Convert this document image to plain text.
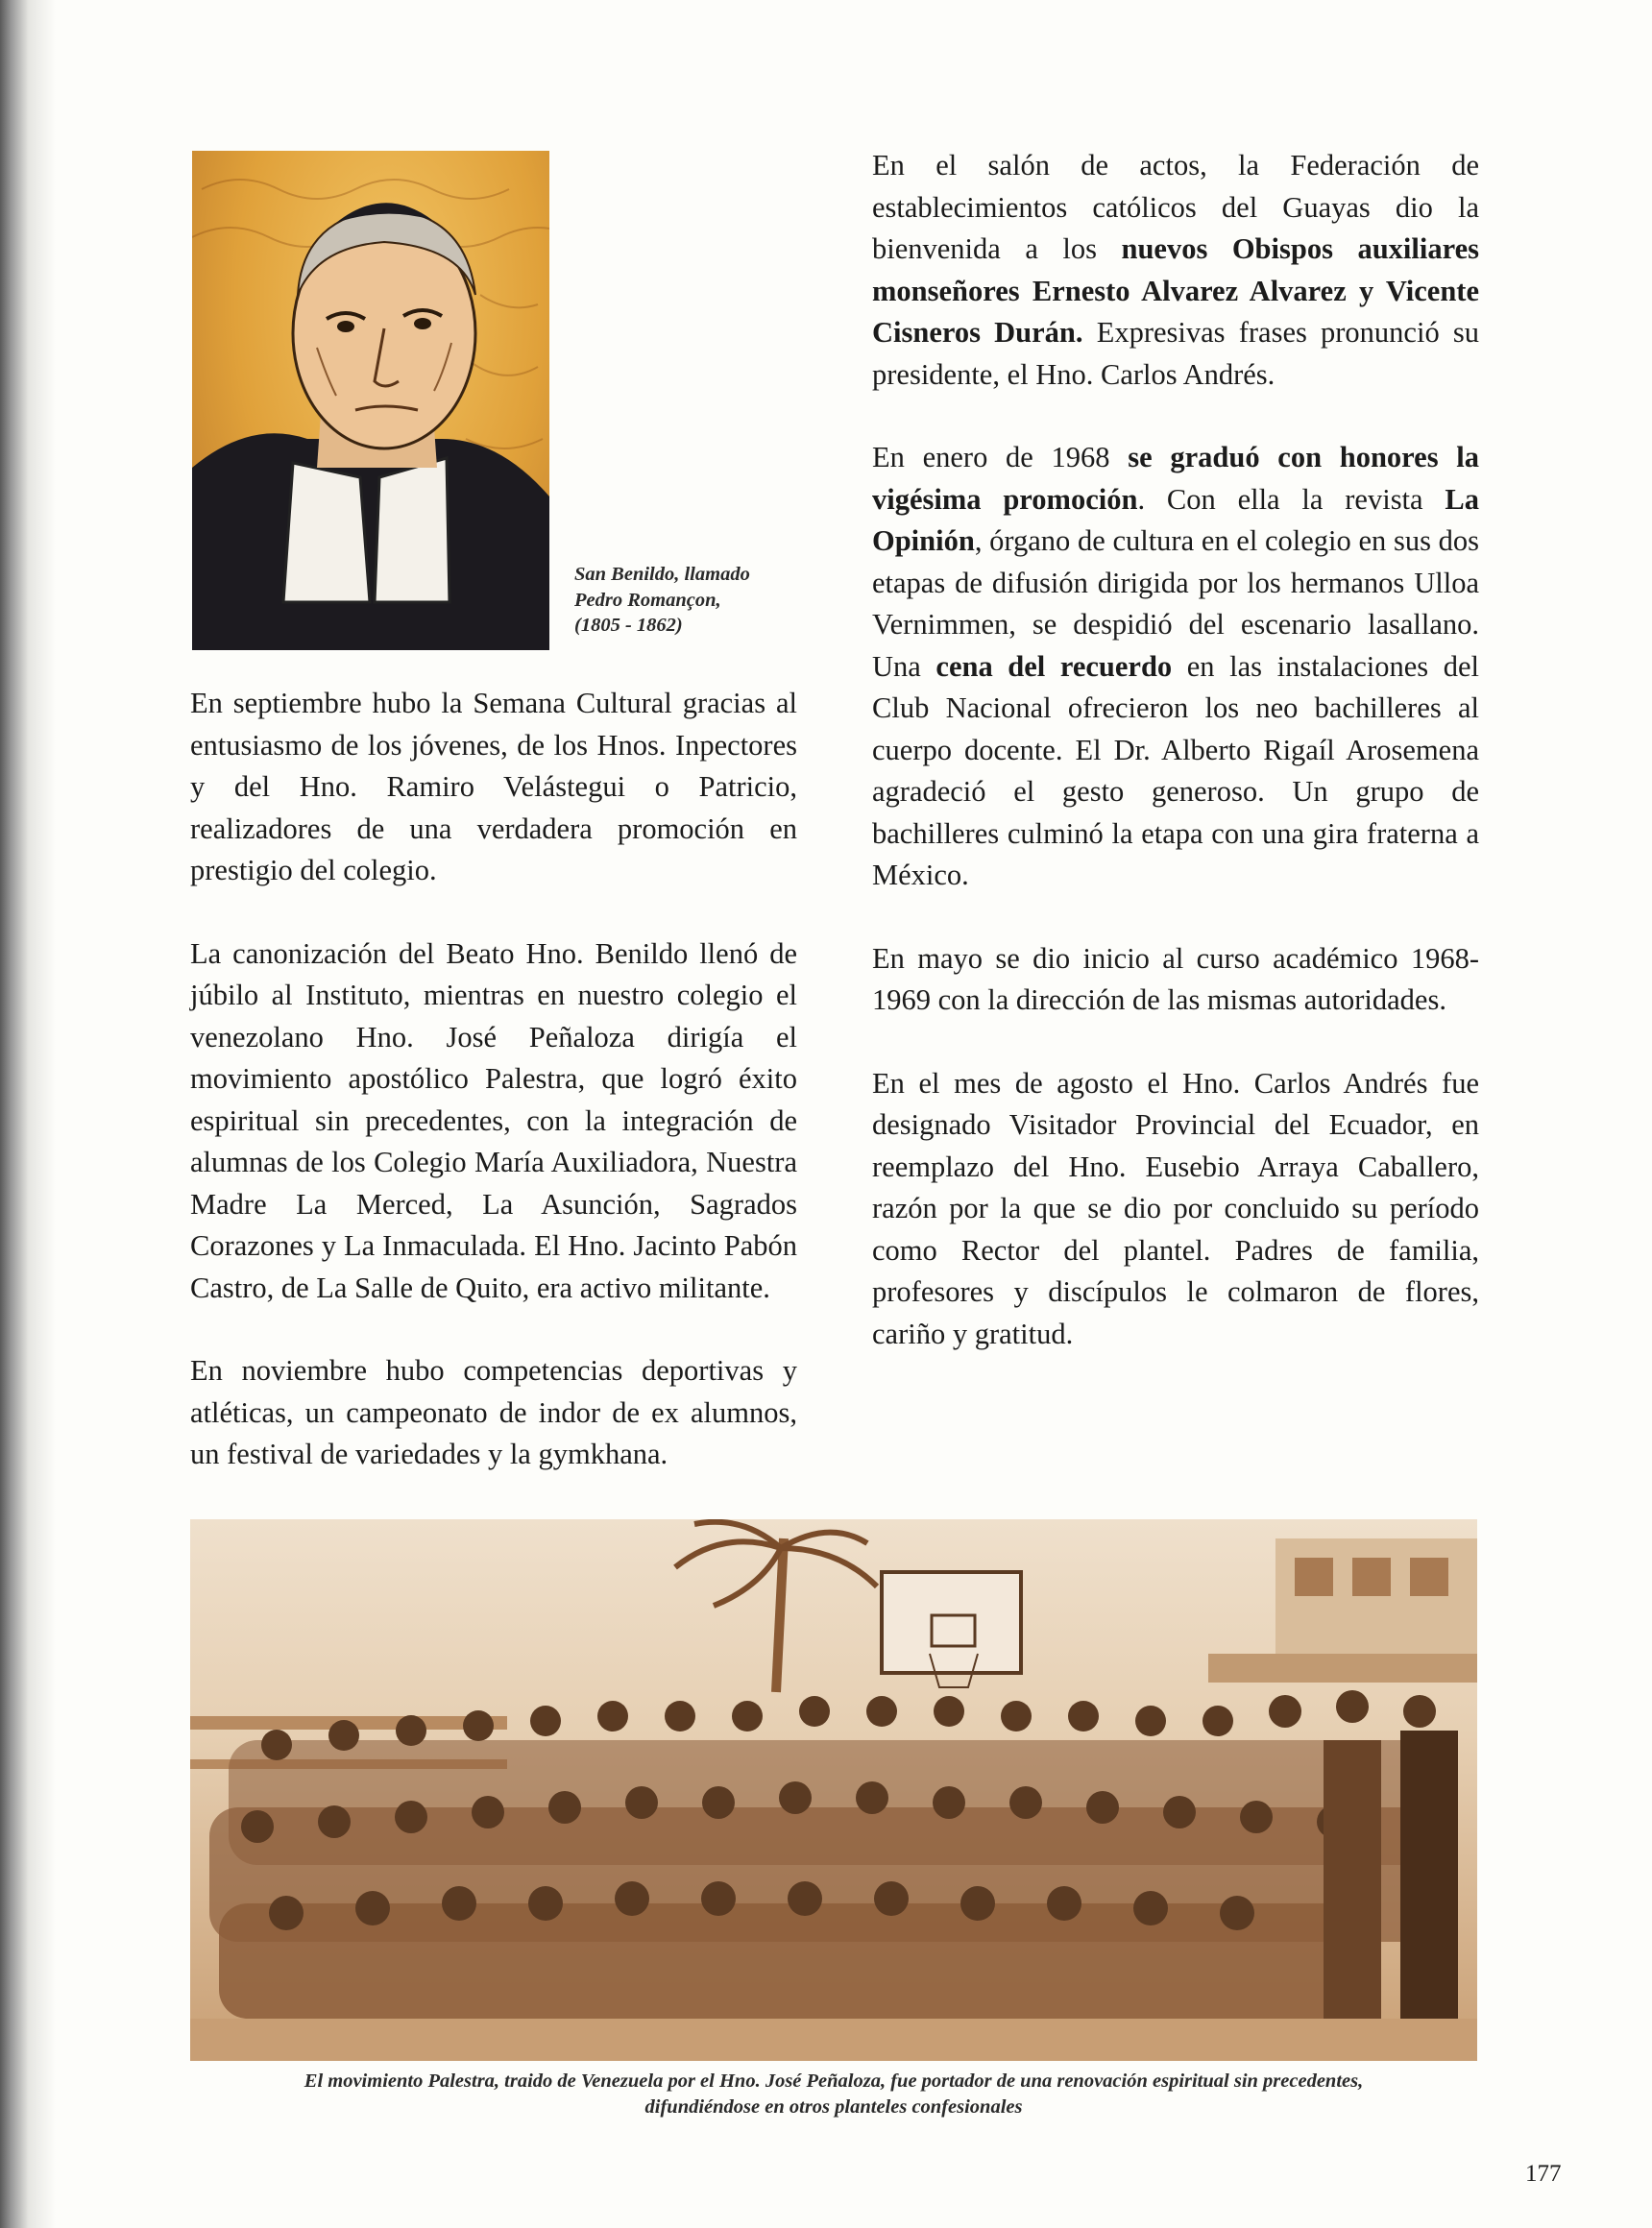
San Benildo, llamado
Pedro Romançon,
(1805 - 1862)

En septiembre hubo la Semana Cultural gracias al entusiasmo de los jóvenes, de los Hnos. Inpectores y del Hno. Ramiro Velástegui o Patricio, realizadores de una verdadera promoción en prestigio del colegio.

La canonización del Beato Hno. Benildo llenó de júbilo al Instituto, mientras en nuestro colegio el venezolano Hno. José Peñaloza dirigía el movimiento apostólico Palestra, que logró éxito espiritual sin precedentes, con la integración de alumnas de los Colegio María Auxiliadora, Nuestra Madre La Merced, La Asunción, Sagrados Corazones y La Inmaculada. El Hno. Jacinto Pabón Castro, de La Salle de Quito, era activo militante.

En noviembre hubo competencias deportivas y atléticas, un campeonato de indor de ex alumnos, un festival de variedades y la gymkhana.

En el salón de actos, la Federación de establecimientos católicos del Guayas dio la bienvenida a los nuevos Obispos auxiliares monseñores Ernesto Alvarez Alvarez y Vicente Cisneros Durán. Expresivas frases pronunció su presidente, el Hno. Carlos Andrés.

En enero de 1968 se graduó con honores la vigésima promoción. Con ella la revista La Opinión, órgano de cultura en el colegio en sus dos etapas de difusión dirigida por los hermanos Ulloa Vernimmen, se despidió del escenario lasallano. Una cena del recuerdo en las instalaciones del Club Nacional ofrecieron los neo bachilleres al cuerpo docente. El Dr. Alberto Rigaíl Arosemena agradeció el gesto generoso. Un grupo de bachilleres culminó la etapa con una gira fraterna a México.

En mayo se dio inicio al curso académico 1968-1969 con la dirección de las mismas autoridades.

En el mes de agosto el Hno. Carlos Andrés fue designado Visitador Provincial del Ecuador, en reemplazo del Hno. Eusebio Arraya Caballero, razón por la que se dio por concluido su período como Rector del plantel. Padres de familia, profesores y discípulos le colmaron de flores, cariño y gratitud.

El movimiento Palestra, traido de Venezuela por el Hno. José Peñaloza, fue portador de una renovación espiritual sin precedentes,
difundiéndose en otros planteles confesionales
177
